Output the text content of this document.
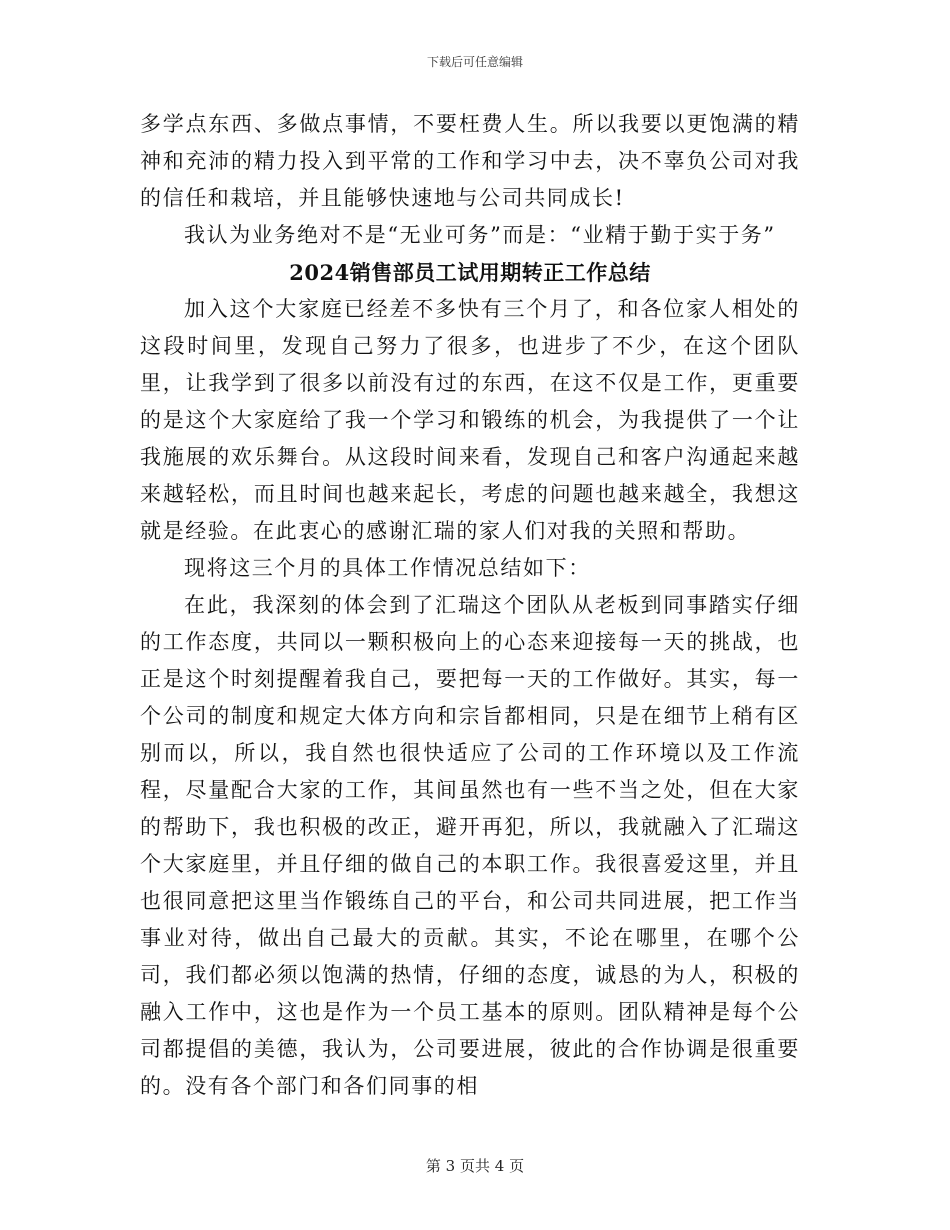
下载后可任意编辑

多学点东西、多做点事情，不要枉费人生。所以我要以更饱满的精神和充沛的精力投入到平常的工作和学习中去，决不辜负公司对我的信任和栽培，并且能够快速地与公司共同成长!

我认为业务绝对不是“无业可务”而是：“业精于勤于实于务”

2024销售部员工试用期转正工作总结

加入这个大家庭已经差不多快有三个月了，和各位家人相处的这段时间里，发现自己努力了很多，也进步了不少，在这个团队里，让我学到了很多以前没有过的东西，在这不仅是工作，更重要的是这个大家庭给了我一个学习和锻练的机会，为我提供了一个让我施展的欢乐舞台。从这段时间来看，发现自己和客户沟通起来越来越轻松，而且时间也越来起长，考虑的问题也越来越全，我想这就是经验。在此衷心的感谢汇瑞的家人们对我的关照和帮助。

现将这三个月的具体工作情况总结如下：

在此，我深刻的体会到了汇瑞这个团队从老板到同事踏实仔细的工作态度，共同以一颗积极向上的心态来迎接每一天的挑战，也正是这个时刻提醒着我自己，要把每一天的工作做好。其实，每一个公司的制度和规定大体方向和宗旨都相同，只是在细节上稍有区别而以，所以，我自然也很快适应了公司的工作环境以及工作流程，尽量配合大家的工作，其间虽然也有一些不当之处，但在大家的帮助下，我也积极的改正，避开再犯，所以，我就融入了汇瑞这个大家庭里，并且仔细的做自己的本职工作。我很喜爱这里，并且也很同意把这里当作锻练自己的平台，和公司共同进展，把工作当事业对待，做出自己最大的贡献。其实，不论在哪里，在哪个公司，我们都必须以饱满的热情，仔细的态度，诚恳的为人，积极的融入工作中，这也是作为一个员工基本的原则。团队精神是每个公司都提倡的美德，我认为，公司要进展，彼此的合作协调是很重要的。没有各个部门和各们同事的相

第 3 页共 4 页
